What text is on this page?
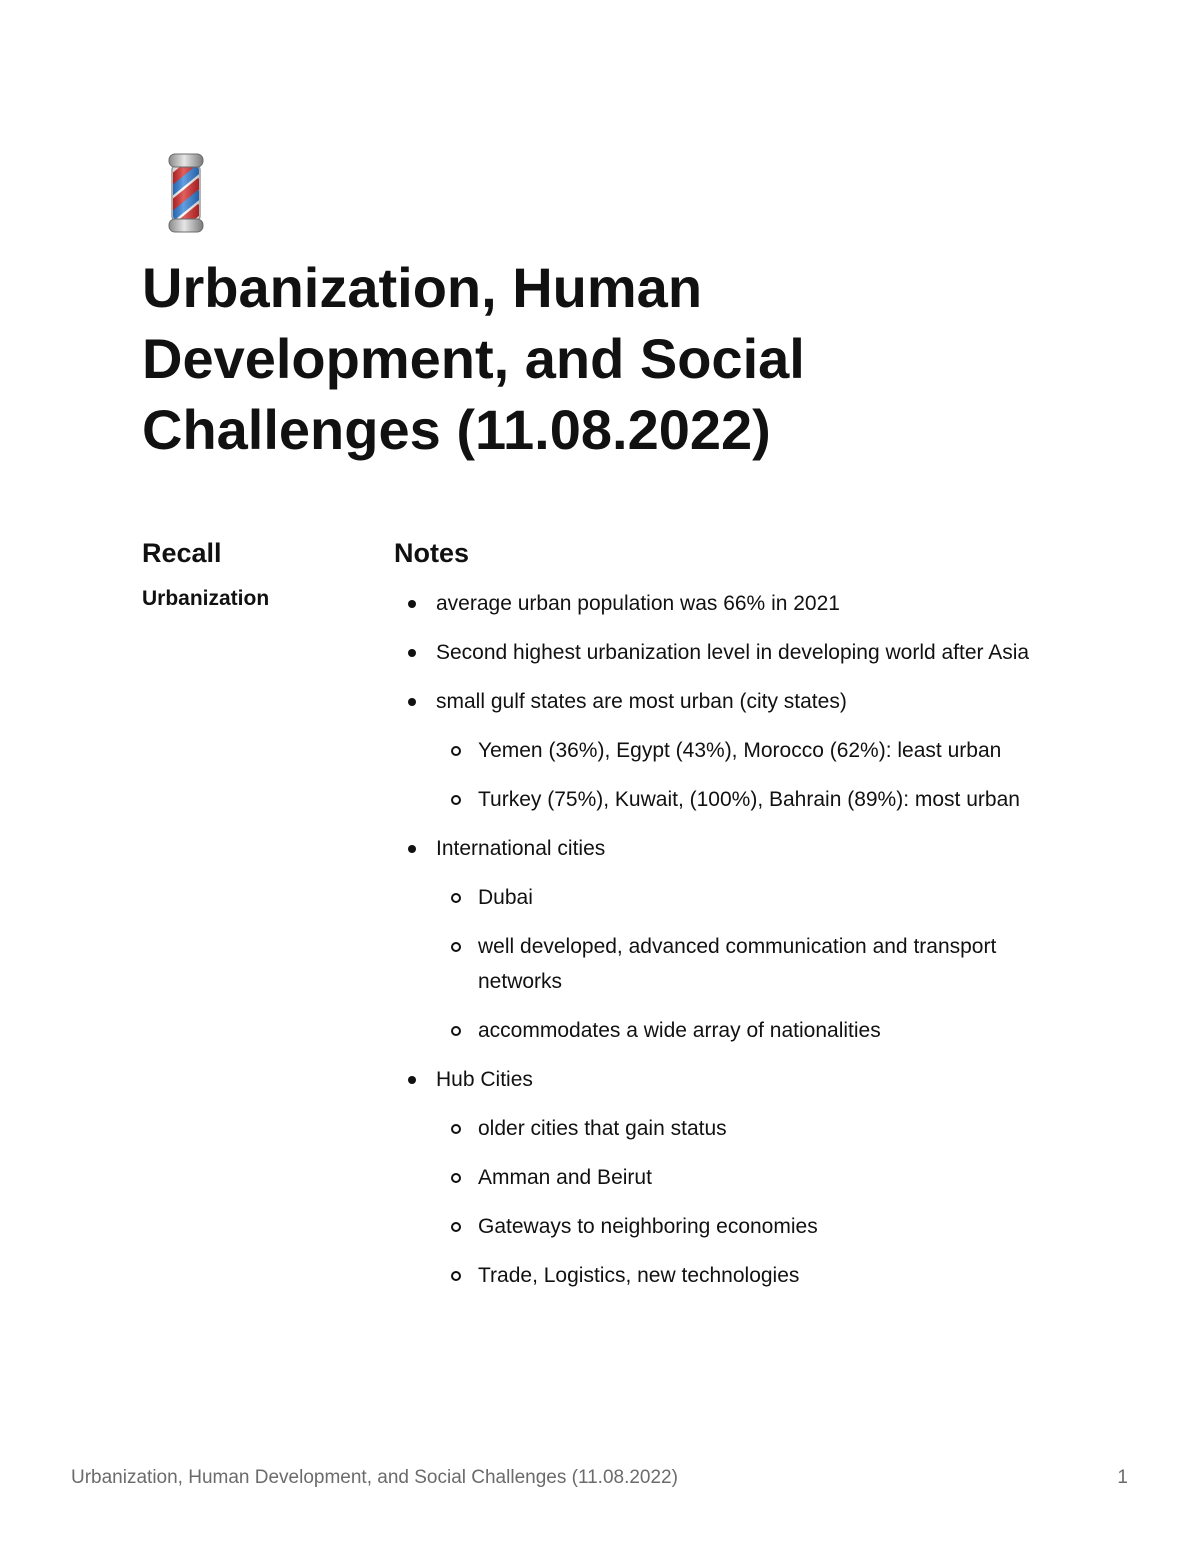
Urbanization, Human Development, and Social Challenges (11.08.2022)
Recall	Notes
Urbanization	average urban population was 66% in 2021
Second highest urbanization level in developing world after Asia
small gulf states are most urban (city states)
Yemen (36%), Egypt (43%), Morocco (62%): least urban
Turkey (75%), Kuwait, (100%), Bahrain (89%): most urban
International cities
Dubai
well developed, advanced communication and transport networks
accommodates a wide array of nationalities
Hub Cities
older cities that gain status
Amman and Beirut
Gateways to neighboring economies
Trade, Logistics, new technologies
Urbanization, Human Development, and Social Challenges (11.08.2022)	1
